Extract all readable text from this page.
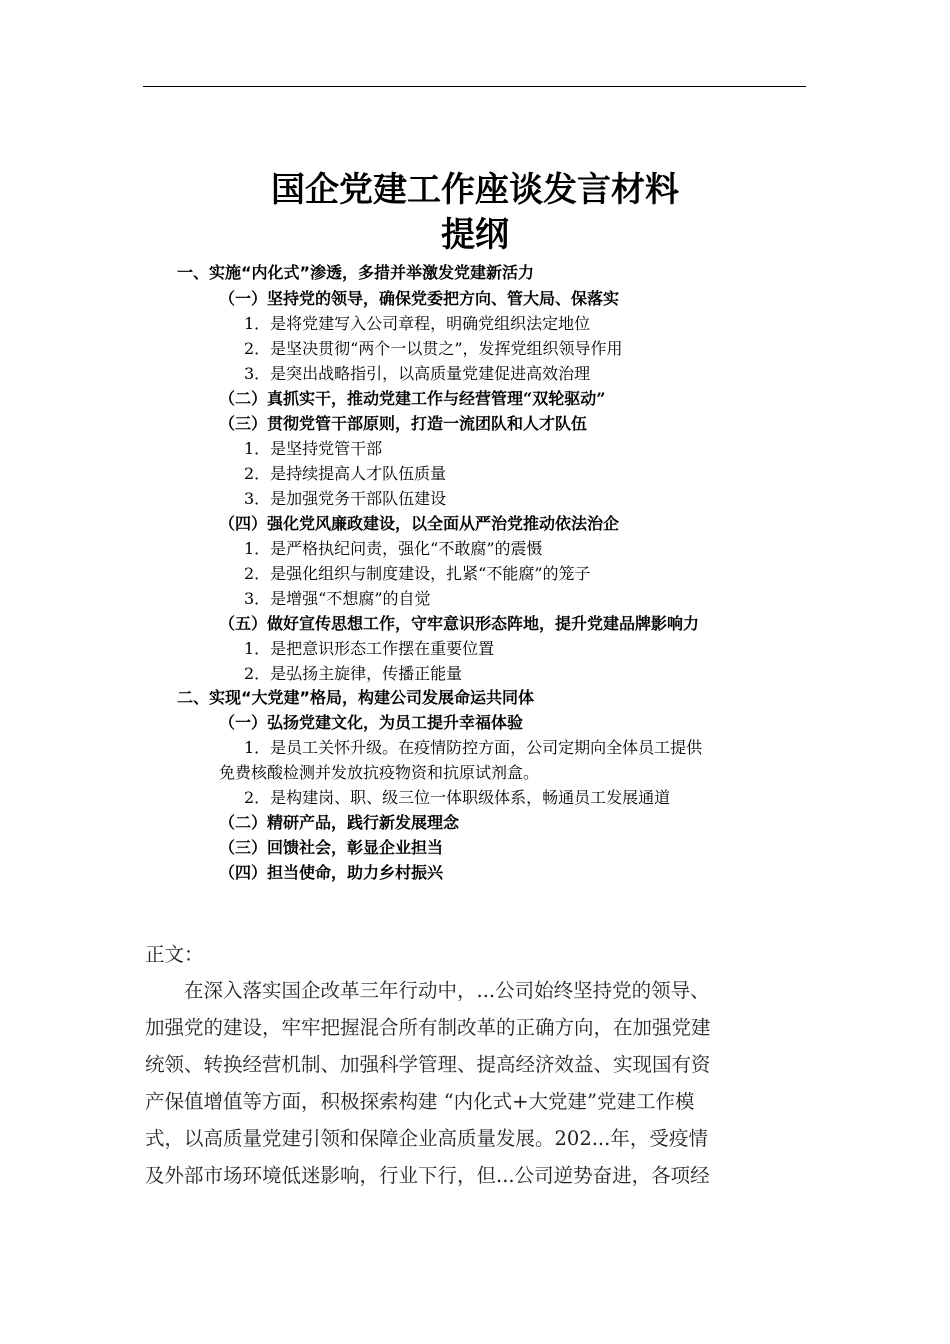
国企党建工作座谈发言材料
提纲
一、实施“内化式”渗透，多措并举激发党建新活力
（一）坚持党的领导，确保党委把方向、管大局、保落实
1．是将党建写入公司章程，明确党组织法定地位
2．是坚决贯彻“两个一以贯之”，发挥党组织领导作用
3．是突出战略指引，以高质量党建促进高效治理
（二）真抓实干，推动党建工作与经营管理“双轮驱动”
（三）贯彻党管干部原则，打造一流团队和人才队伍
1．是坚持党管干部
2．是持续提高人才队伍质量
3．是加强党务干部队伍建设
（四）强化党风廉政建设，以全面从严治党推动依法治企
1．是严格执纪问责，强化“不敢腐”的震慑
2．是强化组织与制度建设，扎紧“不能腐”的笼子
3．是增强“不想腐”的自觉
（五）做好宣传思想工作，守牢意识形态阵地，提升党建品牌影响力
1．是把意识形态工作摆在重要位置
2．是弘扬主旋律，传播正能量
二、实现“大党建”格局，构建公司发展命运共同体
（一）弘扬党建文化，为员工提升幸福体验
1．是员工关怀升级。在疫情防控方面，公司定期向全体员工提供
免费核酸检测并发放抗疫物资和抗原试剂盒。
2．是构建岗、职、级三位一体职级体系，畅通员工发展通道
（二）精研产品，践行新发展理念
（三）回馈社会，彰显企业担当
（四）担当使命，助力乡村振兴
正文：
　　在深入落实国企改革三年行动中，...公司始终坚持党的领导、
加强党的建设，牢牢把握混合所有制改革的正确方向，在加强党建
统领、转换经营机制、加强科学管理、提高经济效益、实现国有资
产保值增值等方面，积极探索构建 “内化式+大党建”党建工作模
式，以高质量党建引领和保障企业高质量发展。202...年，受疫情
及外部市场环境低迷影响，行业下行，但...公司逆势奋进，各项经
